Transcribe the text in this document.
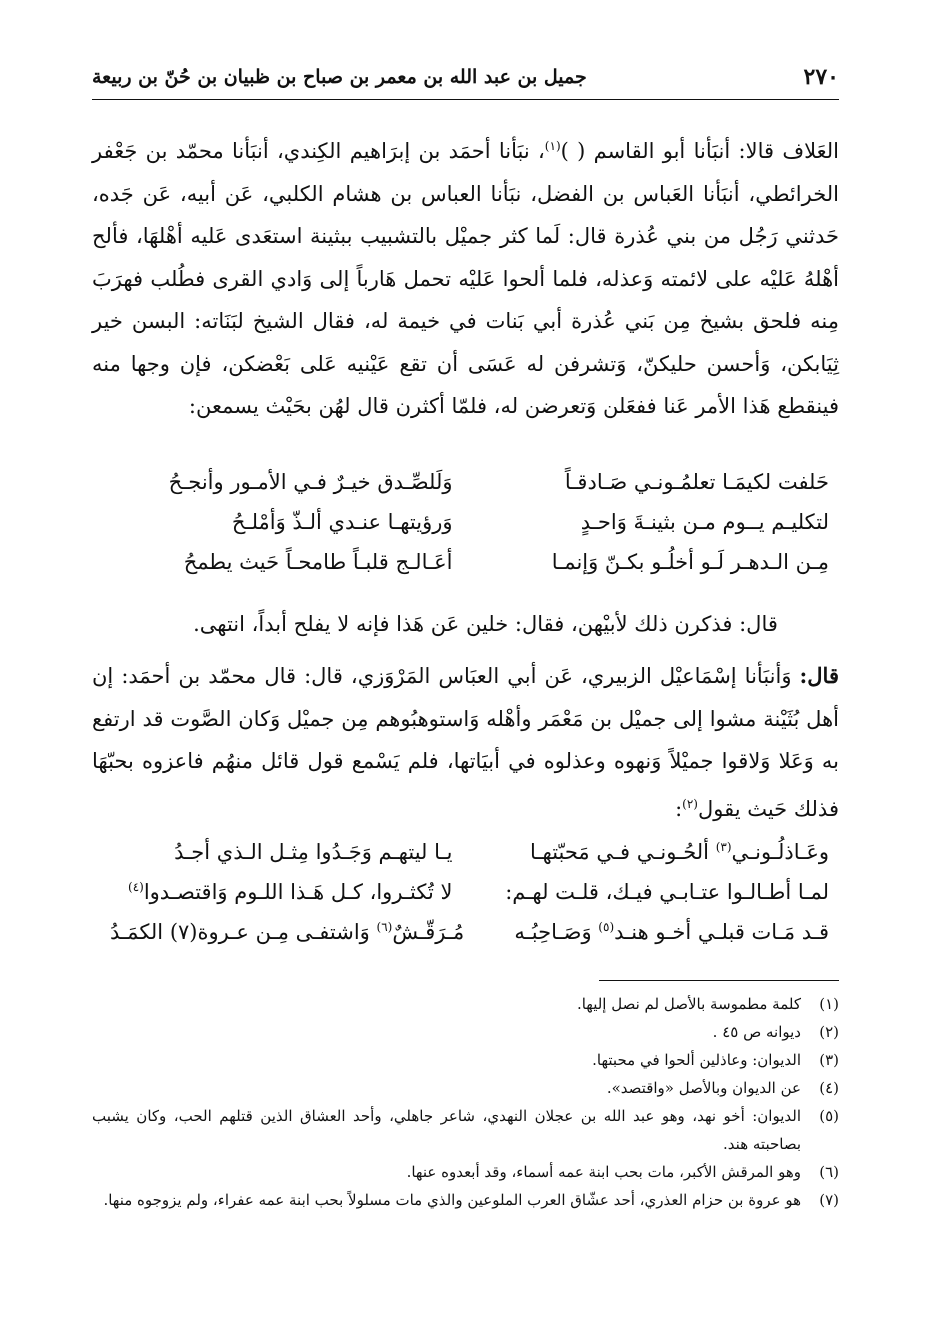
٢٧٠
جميل بن عبد الله بن معمر بن صباح بن ظبيان بن حُنّ بن ربيعة

العَلاف قالا: أنبَأنا أبو القاسم ( )$^{(١)}$، نبَأنا أحمَد بن إبرَاهيم الكِندي، أنبَأنا محمّد بن جَعْفر الخرائطي، أنبَأنا العَباس بن الفضل، نبَأنا العباس بن هشام الكلبي، عَن أبيه، عَن جَده، حَدثني رَجُل من بني عُذرة قال: لَما كثر جميْل بالتشبيب ببثينة استعَدى عَليه أهْلهَا، فألح أهْلهُ عَليْه على لائمته وَعذله، فلما ألحوا عَليْه تحمل هَارباً إلى وَادي القرى فطُلب فهرَبَ مِنه فلحق بشيخ مِن بَني عُذرة أبي بَنات في خيمة له، فقال الشيخ لبَنَاته: البسن خير ثِيَابكن، وَأحسن حليكنّ، وَتشرفن له عَسَى أن تقع عَيْنيه عَلى بَعْضكن، فإن وجها منه فينقطع هَذا الأمر عَنا ففعَلن وَتعرضن له، فلمّا أكثرن قال لهُن بحَيْث يسمعن:

حَلفت لكيمَـا تعلمُـونـي صَـادقـاً
وَلَلصِّـدق خيـرٌ فـي الأمـور وأنجـحُ
لتكليـم يــوم مـن بثينـةَ وَاحـدٍ
وَرؤيتهـا عنـدي ألـذّ وَأمْلـحُ
مِـن الـدهـر لَـو أخلُـو بكـنّ وَإنمـا
أعَـالـج قلبـاً طامحـاً حَيث يطمحُ
قال: فذكرن ذلك لأبيْهن، فقال: خلين عَن هَذا فإنه لا يفلح أبداً، انتهى.
قال: وَأنبَأنا إسْمَاعيْل الزبيري، عَن أبي العبَاس المَرْوَزي، قال: قال محمّد بن أحمَد: إن أهل بُثَيْنة مشوا إلى جميْل بن مَعْمَر وأهْله وَاستوهبُوهم مِن جميْل وَكان الصَّوت قد ارتفع به وَعَلا وَلاقوا جميْلاً وَنهوه وعذلوه في أبيَاتها، فلم يَسْمع قول قائل منهُم فاعزوه بحبّهَا فذلك حَيث يقول$^{(٢)}$:
وعَـاذلُـونـي$^{(٣)}$ ألحُـونـي فـي مَحبّتهـا
يـا ليتهـم وَجَـدُوا مِثـل الـذي أجـدُ
لمـا أطـالـوا عتـابـي فيـك، قلـت لهـم:
لا تُكثـروا، كـل هَـذا اللـوم وَاقتصـدوا$^{(٤)}$
قـد مَـات قبلـي أخـو هنـد$^{(٥)}$ وَصَـاحِبُـه
مُـرَقّـشٌ$^{(٦)}$ وَاشتفـى مِـن عـروة(٧) الكمَـدُ
(١)
كلمة مطموسة بالأصل لم نصل إليها.
(٢)
ديوانه ص ٤٥ .
(٣)
الديوان: وعاذلين ألحوا في محبتها.
(٤)
عن الديوان وبالأصل «واقتصد».
(٥)
الديوان: أخو نهد، وهو عبد الله بن عجلان النهدي، شاعر جاهلي، وأحد العشاق الذين قتلهم الحب، وكان يشبب بصاحبته هند.
(٦)
وهو المرقش الأكبر، مات بحب ابنة عمه أسماء، وقد أبعدوه عنها.
(٧)
هو عروة بن حزام العذري، أحد عشّاق العرب الملوعين والذي مات مسلولاً بحب ابنة عمه عفراء، ولم يزوجوه منها.
